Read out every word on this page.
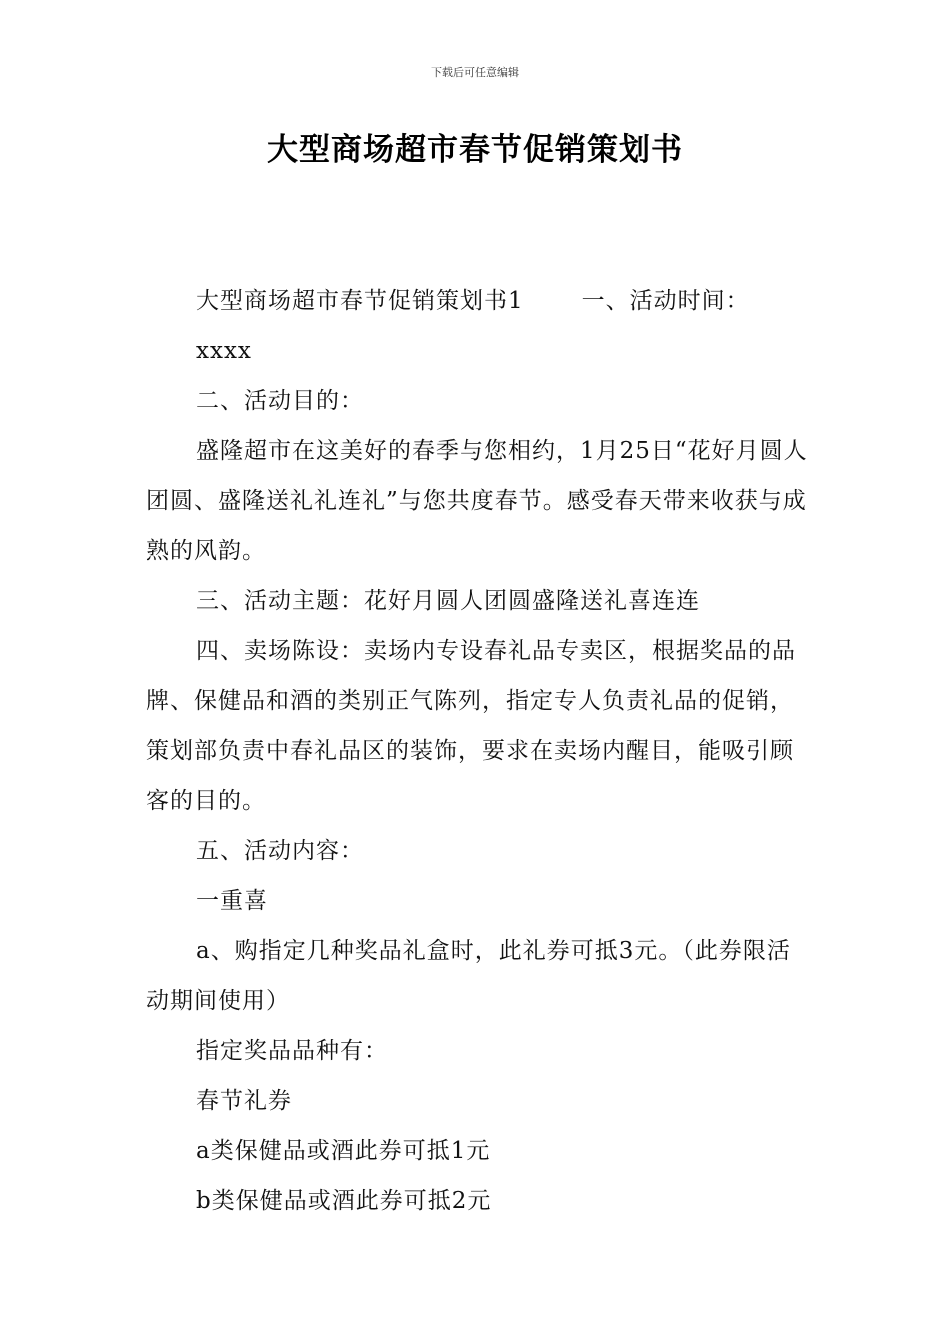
下载后可任意编辑
大型商场超市春节促销策划书

大型商场超市春节促销策划书1	一、活动时间：

xxxx

二、活动目的：

盛隆超市在这美好的春季与您相约，1月25日“花好月圆人团圆、盛隆送礼礼连礼”与您共度春节。感受春天带来收获与成熟的风韵。

三、活动主题：花好月圆人团圆盛隆送礼喜连连

四、卖场陈设：卖场内专设春礼品专卖区，根据奖品的品牌、保健品和酒的类别正气陈列，指定专人负责礼品的促销，策划部负责中春礼品区的装饰，要求在卖场内醒目，能吸引顾客的目的。

五、活动内容：

一重喜

a、购指定几种奖品礼盒时，此礼券可抵3元。（此券限活动期间使用）

指定奖品品种有：

春节礼券

a类保健品或酒此券可抵1元

b类保健品或酒此券可抵2元
